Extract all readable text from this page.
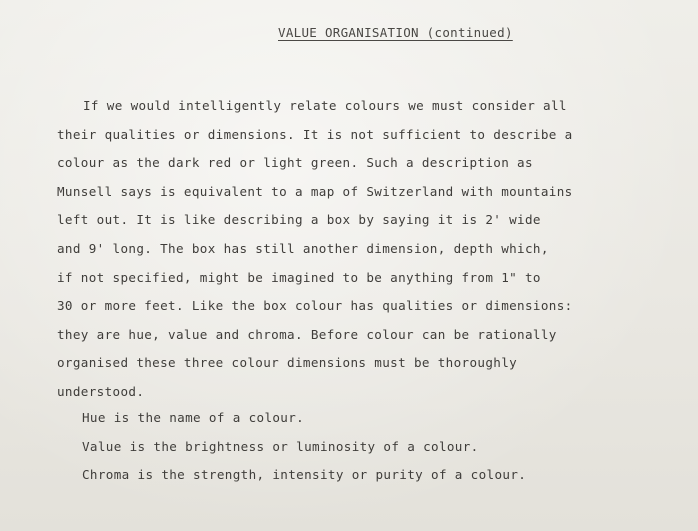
VALUE ORGANISATION (continued)
If we would intelligently relate colours we must consider all
their qualities or dimensions. It is not sufficient to describe a
colour as the dark red or light green. Such a description as
Munsell says is equivalent to a map of Switzerland with mountains
left out. It is like describing a box by saying it is 2' wide
and 9' long. The box has still another dimension, depth which,
if not specified, might be imagined to be anything from 1" to
30 or more feet. Like the box colour has qualities or dimensions:
they are hue, value and chroma. Before colour can be rationally
organised these three colour dimensions must be thoroughly
understood.
Hue is the name of a colour.
Value is the brightness or luminosity of a colour.
Chroma is the strength, intensity or purity of a colour.
